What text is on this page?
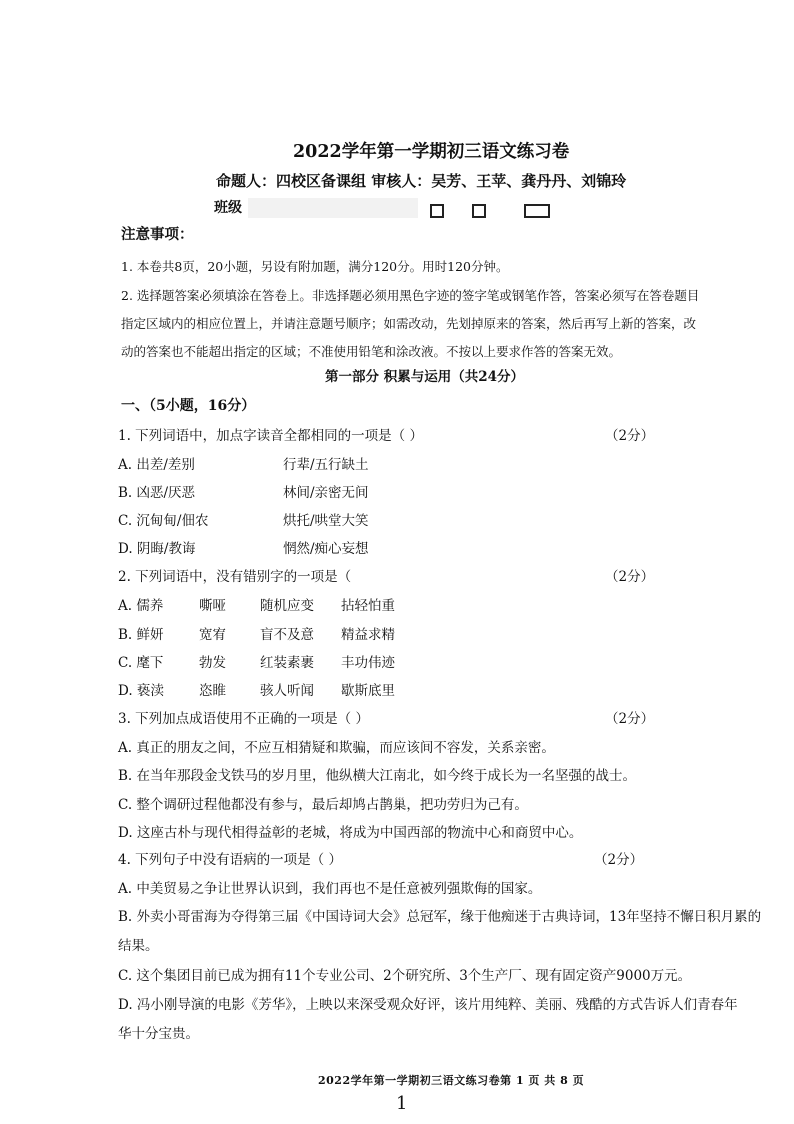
2022学年第一学期初三语文练习卷
命题人：四校区备课组 审核人：吴芳、王苹、龚丹丹、刘锦玲
班级
注意事项：
1. 本卷共8页，20小题，另设有附加题，满分120分。用时120分钟。
2. 选择题答案必须填涂在答卷上。非选择题必须用黑色字迹的签字笔或钢笔作答，答案必须写在答卷题目
指定区域内的相应位置上，并请注意题号顺序；如需改动，先划掉原来的答案，然后再写上新的答案，改
动的答案也不能超出指定的区域；不准使用铅笔和涂改液。不按以上要求作答的答案无效。
第一部分 积累与运用（共24分）
一、（5小题，16分）
1. 下列词语中，加点字读音全都相同的一项是（ ）	（2分）
A. 出差/差别	行辈/五行缺土
B. 凶恶/厌恶	林间/亲密无间
C. 沉甸甸/佃农	烘托/哄堂大笑
D. 阴晦/教诲	惘然/痴心妄想
2. 下列词语中，没有错别字的一项是（	（2分）
A. 儒养	嘶哑	随机应变 拈轻怕重
B. 鲜妍	宽宥	盲不及意 精益求精
C. 麾下	勃发	红装素裹 丰功伟迹
D. 亵渎	恣睢	骇人听闻 歇斯底里
3. 下列加点成语使用不正确的一项是（ ）	（2分）
A. 真正的朋友之间，不应互相猜疑和欺骗，而应该间不容发，关系亲密。
B. 在当年那段金戈铁马的岁月里，他纵横大江南北，如今终于成长为一名坚强的战士。
C. 整个调研过程他都没有参与，最后却鸠占鹊巢，把功劳归为己有。
D. 这座古朴与现代相得益彰的老城，将成为中国西部的物流中心和商贸中心。
4. 下列句子中没有语病的一项是（ ）	（2分）
A. 中美贸易之争让世界认识到，我们再也不是任意被列强欺侮的国家。
B. 外卖小哥雷海为夺得第三届《中国诗词大会》总冠军，缘于他痴迷于古典诗词，13年坚持不懈日积月累的
结果。
C. 这个集团目前已成为拥有11个专业公司、2个研究所、3个生产厂、现有固定资产9000万元。
D. 冯小刚导演的电影《芳华》，上映以来深受观众好评，该片用纯粹、美丽、残酷的方式告诉人们青春年
华十分宝贵。
2022学年第一学期初三语文练习卷第 1 页 共 8 页
1
